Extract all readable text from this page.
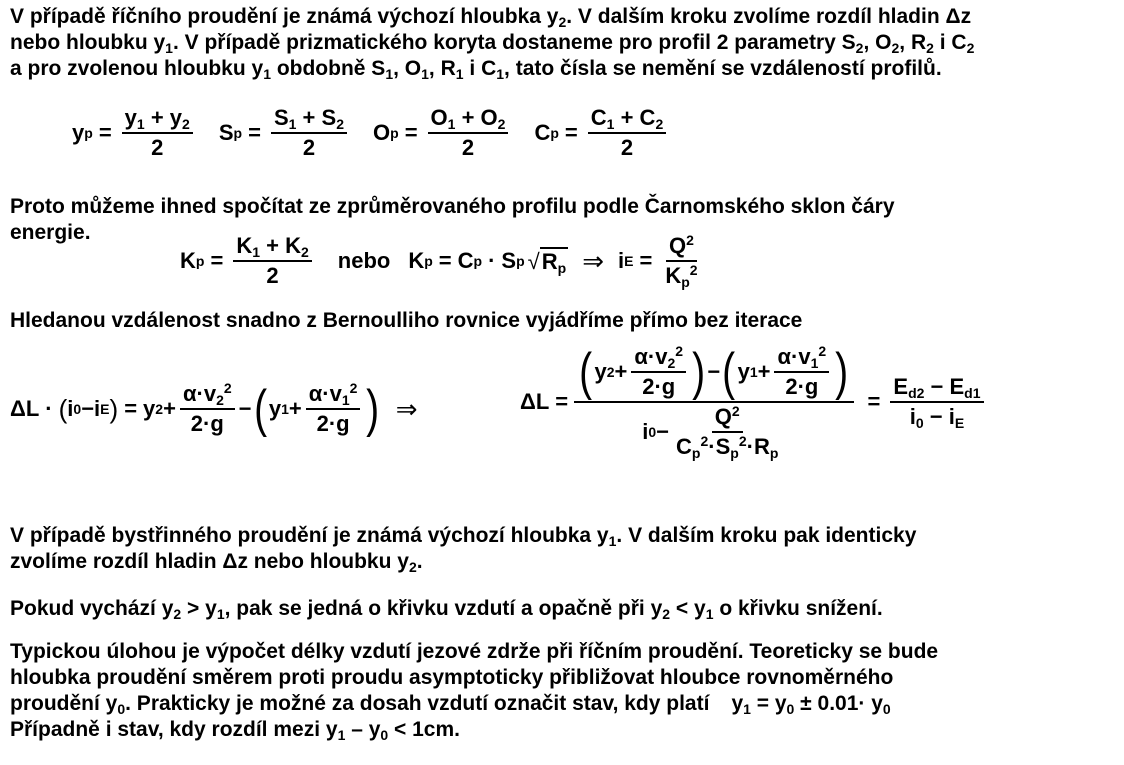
V případě říčního proudění je známá výchozí hloubka $y_2$. V dalším kroku zvolíme rozdíl hladin Δz
nebo hloubku $y_1$. V případě prizmatického koryta dostaneme pro profil 2 parametry $S_2$, $O_2$, $R_2$ i $C_2$
a pro zvolenou hloubku $y_1$ obdobně $S_1$, $O_1$, $R_1$ i $C_1$, tato čísla se nemění se vzdáleností profilů.
y $p = \frac{y_1 + y_2}{2}$ S $p = \frac{S_1 + S_2}{2}$ O $p = \frac{O_1 + O_2}{2}$ C $p = \frac{C_1 + C_2}{2}$
Proto můžeme ihned spočítat ze zprůměrovaného profilu podle Čarnomského sklon čáry
energie.
K $p = \frac{K_1 + K_2}{2}$ nebo K p = C p · S p √ $R_p$ ⇒ i $E = \frac{Q^2}{K_p^2}$
Hledanou vzdálenost snadno z Bernoulliho rovnice vyjádříme přímo bez iterace
ΔL · ( i 0 − i E ) = y $2 + \frac{\alpha\cdot v_2^2}{2\cdot g}$ − ( y $1 + \frac{\alpha\cdot v_1^2}{2\cdot g}$ ) ⇒	ΔL =
( y $2 + \frac{\alpha\cdot v_2^2}{2\cdot g}$ ) − ( y $1 + \frac{\alpha\cdot v_1^2}{2\cdot g}$ )
i $0 - \frac{Q^2}{C_p^2\cdot S_p^2\cdot R_p}$
= $\frac{E_{d2} - E_{d1}}{i_0 - i_E}$
V případě bystřinného proudění je známá výchozí hloubka $y_1$. V dalším kroku pak identicky
zvolíme rozdíl hladin Δz nebo hloubku $y_2$.
Pokud vychází $y_2 > y_1$, pak se jedná o křivku vzdutí a opačně při $y_2 < y_1$ o křivku snížení.
Typickou úlohou je výpočet délky vzdutí jezové zdrže při říčním proudění. Teoreticky se bude
hloubka proudění směrem proti proudu asymptoticky přibližovat hloubce rovnoměrného
proudění $y_0$. Prakticky je možné za dosah vzdutí označit stav, kdy platí $y_1 = y_0 \pm 0.01\cdot y_0$
Případně i stav, kdy rozdíl mezi $y_1 - y_0 < 1cm$.
